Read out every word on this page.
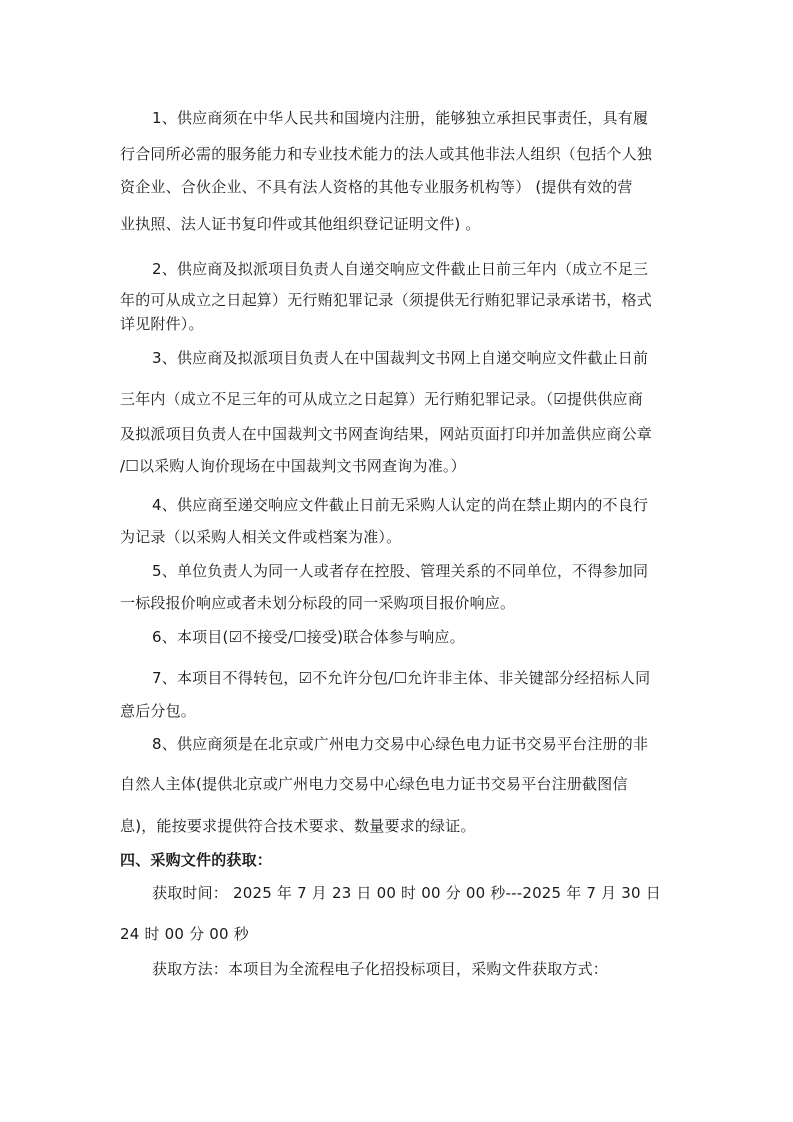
1、供应商须在中华人民共和国境内注册，能够独立承担民事责任，具有履
行合同所必需的服务能力和专业技术能力的法人或其他非法人组织（包括个人独
资企业、合伙企业、不具有法人资格的其他专业服务机构等） (提供有效的营
业执照、法人证书复印件或其他组织登记证明文件) 。
2、供应商及拟派项目负责人自递交响应文件截止日前三年内（成立不足三
年的可从成立之日起算）无行贿犯罪记录（须提供无行贿犯罪记录承诺书，格式
详见附件）。
3、供应商及拟派项目负责人在中国裁判文书网上自递交响应文件截止日前
三年内（成立不足三年的可从成立之日起算）无行贿犯罪记录。（☑提供供应商
及拟派项目负责人在中国裁判文书网查询结果，网站页面打印并加盖供应商公章
/☐以采购人询价现场在中国裁判文书网查询为准。）
4、供应商至递交响应文件截止日前无采购人认定的尚在禁止期内的不良行
为记录（以采购人相关文件或档案为准）。
5、单位负责人为同一人或者存在控股、管理关系的不同单位，不得参加同
一标段报价响应或者未划分标段的同一采购项目报价响应。
6、本项目(☑不接受/☐接受)联合体参与响应。
7、本项目不得转包，☑不允许分包/☐允许非主体、非关键部分经招标人同
意后分包。
8、供应商须是在北京或广州电力交易中心绿色电力证书交易平台注册的非
自然人主体(提供北京或广州电力交易中心绿色电力证书交易平台注册截图信
息)，能按要求提供符合技术要求、数量要求的绿证。
四、采购文件的获取：
获取时间： 2025 年 7 月 23 日 00 时 00 分 00 秒---2025 年 7 月 30 日
24 时 00 分 00 秒
获取方法：本项目为全流程电子化招投标项目，采购文件获取方式：
